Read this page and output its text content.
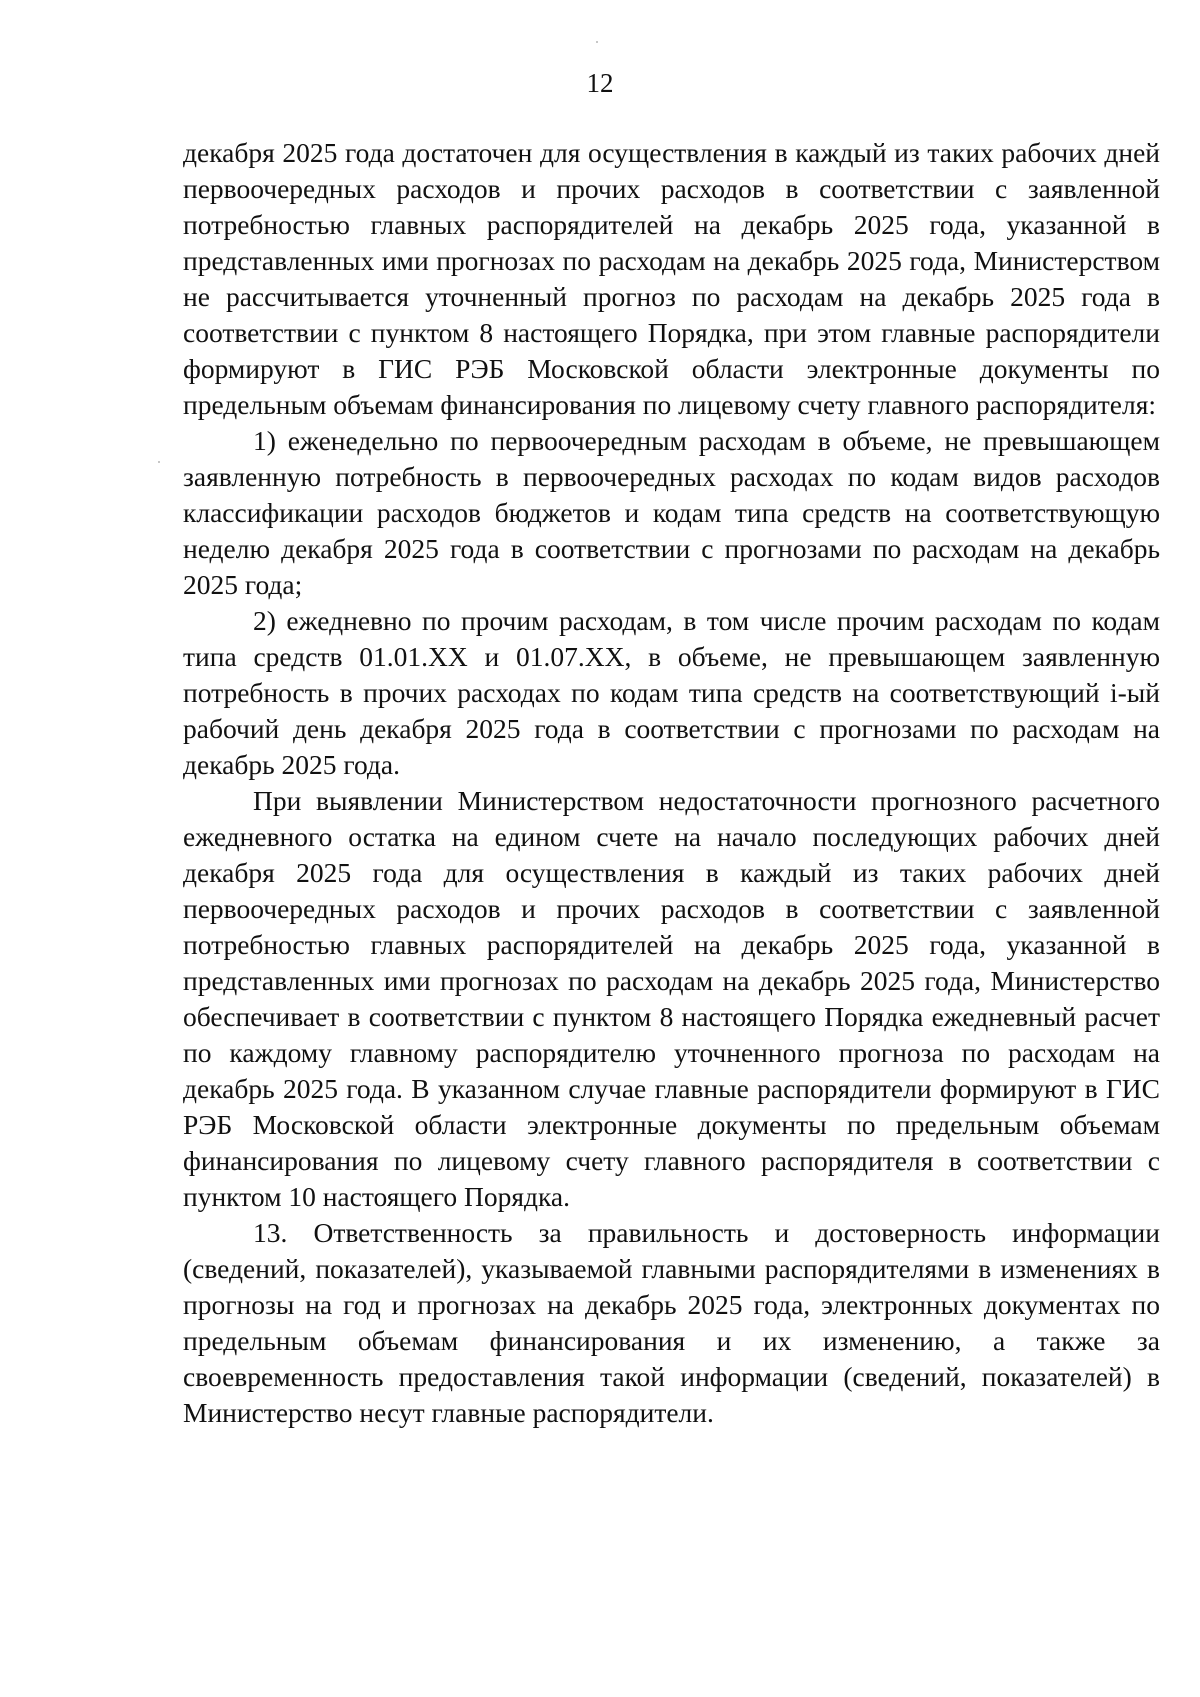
12

декабря 2025 года достаточен для осуществления в каждый из таких рабочих дней первоочередных расходов и прочих расходов в соответствии с заявленной потребностью главных распорядителей на декабрь 2025 года, указанной в представленных ими прогнозах по расходам на декабрь 2025 года, Министерством не рассчитывается уточненный прогноз по расходам на декабрь 2025 года в соответствии с пунктом 8 настоящего Порядка, при этом главные распорядители формируют в ГИС РЭБ Московской области электронные документы по предельным объемам финансирования по лицевому счету главного распорядителя:

1) еженедельно по первоочередным расходам в объеме, не превышающем заявленную потребность в первоочередных расходах по кодам видов расходов классификации расходов бюджетов и кодам типа средств на соответствующую неделю декабря 2025 года в соответствии с прогнозами по расходам на декабрь 2025 года;

2) ежедневно по прочим расходам, в том числе прочим расходам по кодам типа средств 01.01.XX и 01.07.XX, в объеме, не превышающем заявленную потребность в прочих расходах по кодам типа средств на соответствующий i-ый рабочий день декабря 2025 года в соответствии с прогнозами по расходам на декабрь 2025 года.

При выявлении Министерством недостаточности прогнозного расчетного ежедневного остатка на едином счете на начало последующих рабочих дней декабря 2025 года для осуществления в каждый из таких рабочих дней первоочередных расходов и прочих расходов в соответствии с заявленной потребностью главных распорядителей на декабрь 2025 года, указанной в представленных ими прогнозах по расходам на декабрь 2025 года, Министерство обеспечивает в соответствии с пунктом 8 настоящего Порядка ежедневный расчет по каждому главному распорядителю уточненного прогноза по расходам на декабрь 2025 года. В указанном случае главные распорядители формируют в ГИС РЭБ Московской области электронные документы по предельным объемам финансирования по лицевому счету главного распорядителя в соответствии с пунктом 10 настоящего Порядка.

13. Ответственность за правильность и достоверность информации (сведений, показателей), указываемой главными распорядителями в изменениях в прогнозы на год и прогнозах на декабрь 2025 года, электронных документах по предельным объемам финансирования и их изменению, а также за своевременность предоставления такой информации (сведений, показателей) в Министерство несут главные распорядители.
